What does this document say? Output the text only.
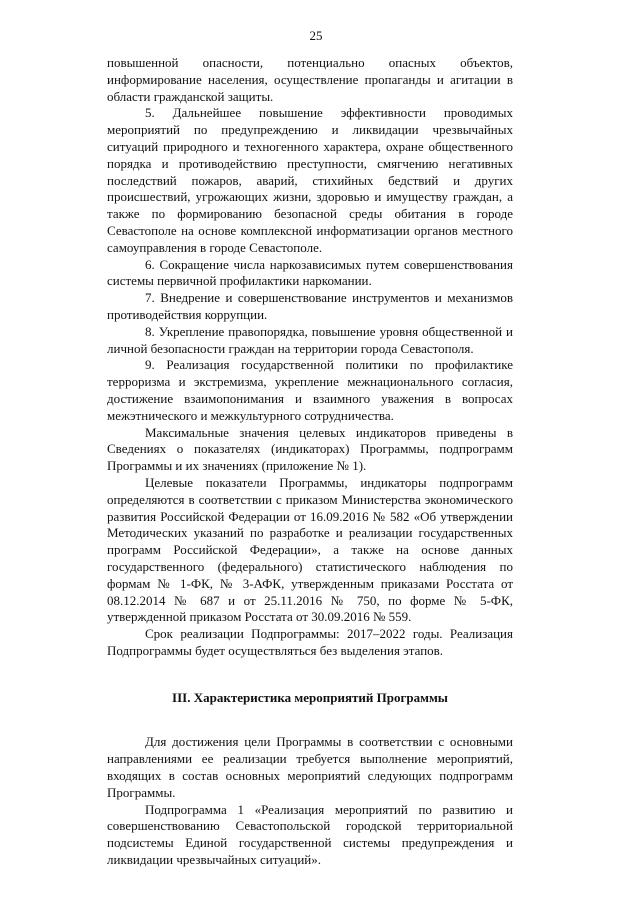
25

повышенной опасности, потенциально опасных объектов, информирование населения, осуществление пропаганды и агитации в области гражданской защиты.

5. Дальнейшее повышение эффективности проводимых мероприятий по предупреждению и ликвидации чрезвычайных ситуаций природного и техногенного характера, охране общественного порядка и противодействию преступности, смягчению негативных последствий пожаров, аварий, стихийных бедствий и других происшествий, угрожающих жизни, здоровью и имуществу граждан, а также по формированию безопасной среды обитания в городе Севастополе на основе комплексной информатизации органов местного самоуправления в городе Севастополе.

6. Сокращение числа наркозависимых путем совершенствования системы первичной профилактики наркомании.

7. Внедрение и совершенствование инструментов и механизмов противодействия коррупции.

8. Укрепление правопорядка, повышение уровня общественной и личной безопасности граждан на территории города Севастополя.

9. Реализация государственной политики по профилактике терроризма и экстремизма, укрепление межнационального согласия, достижение взаимопонимания и взаимного уважения в вопросах межэтнического и межкультурного сотрудничества.

Максимальные значения целевых индикаторов приведены в Сведениях о показателях (индикаторах) Программы, подпрограмм Программы и их значениях (приложение № 1).

Целевые показатели Программы, индикаторы подпрограмм определяются в соответствии с приказом Министерства экономического развития Российской Федерации от 16.09.2016 № 582 «Об утверждении Методических указаний по разработке и реализации государственных программ Российской Федерации», а также на основе данных государственного (федерального) статистического наблюдения по формам № 1-ФК, № 3-АФК, утвержденным приказами Росстата от 08.12.2014 № 687 и от 25.11.2016 № 750, по форме № 5-ФК, утвержденной приказом Росстата от 30.09.2016 № 559.

Срок реализации Подпрограммы: 2017–2022 годы. Реализация Подпрограммы будет осуществляться без выделения этапов.

III. Характеристика мероприятий Программы

Для достижения цели Программы в соответствии с основными направлениями ее реализации требуется выполнение мероприятий, входящих в состав основных мероприятий следующих подпрограмм Программы.

Подпрограмма 1 «Реализация мероприятий по развитию и совершенствованию Севастопольской городской территориальной подсистемы Единой государственной системы предупреждения и ликвидации чрезвычайных ситуаций».
